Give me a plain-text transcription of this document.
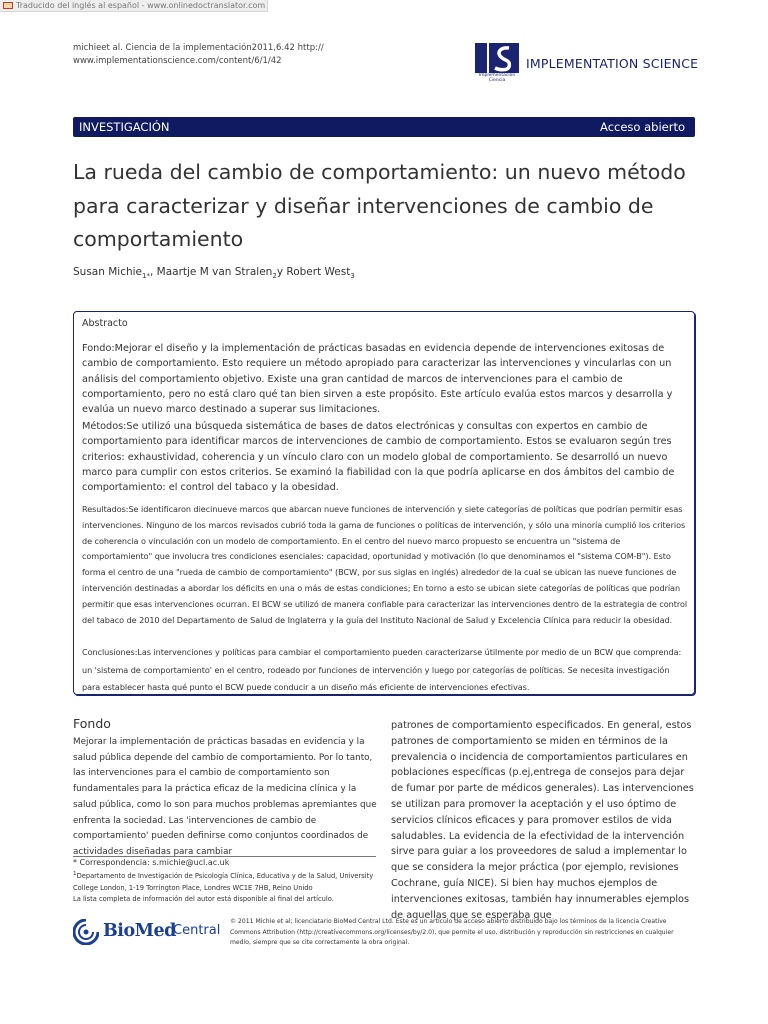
Traducido del inglés al español - www.onlinedoctranslator.com
michieet al. Ciencia de la implementación2011,6.42 http://
www.implementationscience.com/content/6/1/42
Implementación
Ciencia
IMPLEMENTATION SCIENCE
INVESTIGACIÓN	Acceso abierto
La rueda del cambio de comportamiento: un nuevo método para caracterizar y diseñar intervenciones de cambio de comportamiento
Susan Michie$_{1*}$, Maartje M van Stralen$_2$y Robert West$_3$
Abstracto

Fondo:Mejorar el diseño y la implementación de prácticas basadas en evidencia depende de intervenciones exitosas de cambio de comportamiento. Esto requiere un método apropiado para caracterizar las intervenciones y vincularlas con un análisis del comportamiento objetivo. Existe una gran cantidad de marcos de intervenciones para el cambio de comportamiento, pero no está claro qué tan bien sirven a este propósito. Este artículo evalúa estos marcos y desarrolla y evalúa un nuevo marco destinado a superar sus limitaciones.

Métodos:Se utilizó una búsqueda sistemática de bases de datos electrónicas y consultas con expertos en cambio de comportamiento para identificar marcos de intervenciones de cambio de comportamiento. Estos se evaluaron según tres criterios: exhaustividad, coherencia y un vínculo claro con un modelo global de comportamiento. Se desarrolló un nuevo marco para cumplir con estos criterios. Se examinó la fiabilidad con la que podría aplicarse en dos ámbitos del cambio de comportamiento: el control del tabaco y la obesidad.

Resultados:Se identificaron diecinueve marcos que abarcan nueve funciones de intervención y siete categorías de políticas que podrían permitir esas intervenciones. Ninguno de los marcos revisados cubrió toda la gama de funciones o políticas de intervención, y sólo una minoría cumplió los criterios de coherencia o vinculación con un modelo de comportamiento. En el centro del nuevo marco propuesto se encuentra un "sistema de comportamiento" que involucra tres condiciones esenciales: capacidad, oportunidad y motivación (lo que denominamos el "sistema COM-B"). Esto forma el centro de una "rueda de cambio de comportamiento" (BCW, por sus siglas en inglés) alrededor de la cual se ubican las nueve funciones de intervención destinadas a abordar los déficits en una o más de estas condiciones; En torno a esto se ubican siete categorías de políticas que podrían permitir que esas intervenciones ocurran. El BCW se utilizó de manera confiable para caracterizar las intervenciones dentro de la estrategia de control del tabaco de 2010 del Departamento de Salud de Inglaterra y la guía del Instituto Nacional de Salud y Excelencia Clínica para reducir la obesidad.

Conclusiones:Las intervenciones y políticas para cambiar el comportamiento pueden caracterizarse útilmente por medio de un BCW que comprenda: un 'sistema de comportamiento' en el centro, rodeado por funciones de intervención y luego por categorías de políticas. Se necesita investigación para establecer hasta qué punto el BCW puede conducir a un diseño más eficiente de intervenciones efectivas.

Fondo

Mejorar la implementación de prácticas basadas en evidencia y la salud pública depende del cambio de comportamiento. Por lo tanto, las intervenciones para el cambio de comportamiento son fundamentales para la práctica eficaz de la medicina clínica y la salud pública, como lo son para muchos problemas apremiantes que enfrenta la sociedad. Las 'intervenciones de cambio de comportamiento' pueden definirse como conjuntos coordinados de actividades diseñadas para cambiar

patrones de comportamiento especificados. En general, estos patrones de comportamiento se miden en términos de la prevalencia o incidencia de comportamientos particulares en poblaciones específicas (p.ej,entrega de consejos para dejar de fumar por parte de médicos generales). Las intervenciones se utilizan para promover la aceptación y el uso óptimo de servicios clínicos eficaces y para promover estilos de vida saludables. La evidencia de la efectividad de la intervención sirve para guiar a los proveedores de salud a implementar lo que se considera la mejor práctica (por ejemplo, revisiones Cochrane, guía NICE). Si bien hay muchos ejemplos de intervenciones exitosas, también hay innumerables ejemplos de aquellas que se esperaba que

* Correspondencia: s.michie@ucl.ac.uk
$^1$Departamento de Investigación de Psicología Clínica, Educativa y de la Salud, University College London, 1-19 Torrington Place, Londres WC1E 7HB, Reino Unido
La lista completa de información del autor está disponible al final del artículo.
BioMed
Central
© 2011 Michie et al; licenciatario BioMed Central Ltd. Este es un artículo de acceso abierto distribuido bajo los términos de la licencia Creative Commons Attribution (http://creativecommons.org/licenses/by/2.0), que permite el uso, distribución y reproducción sin restricciones en cualquier medio, siempre que se cite correctamente la obra original.
